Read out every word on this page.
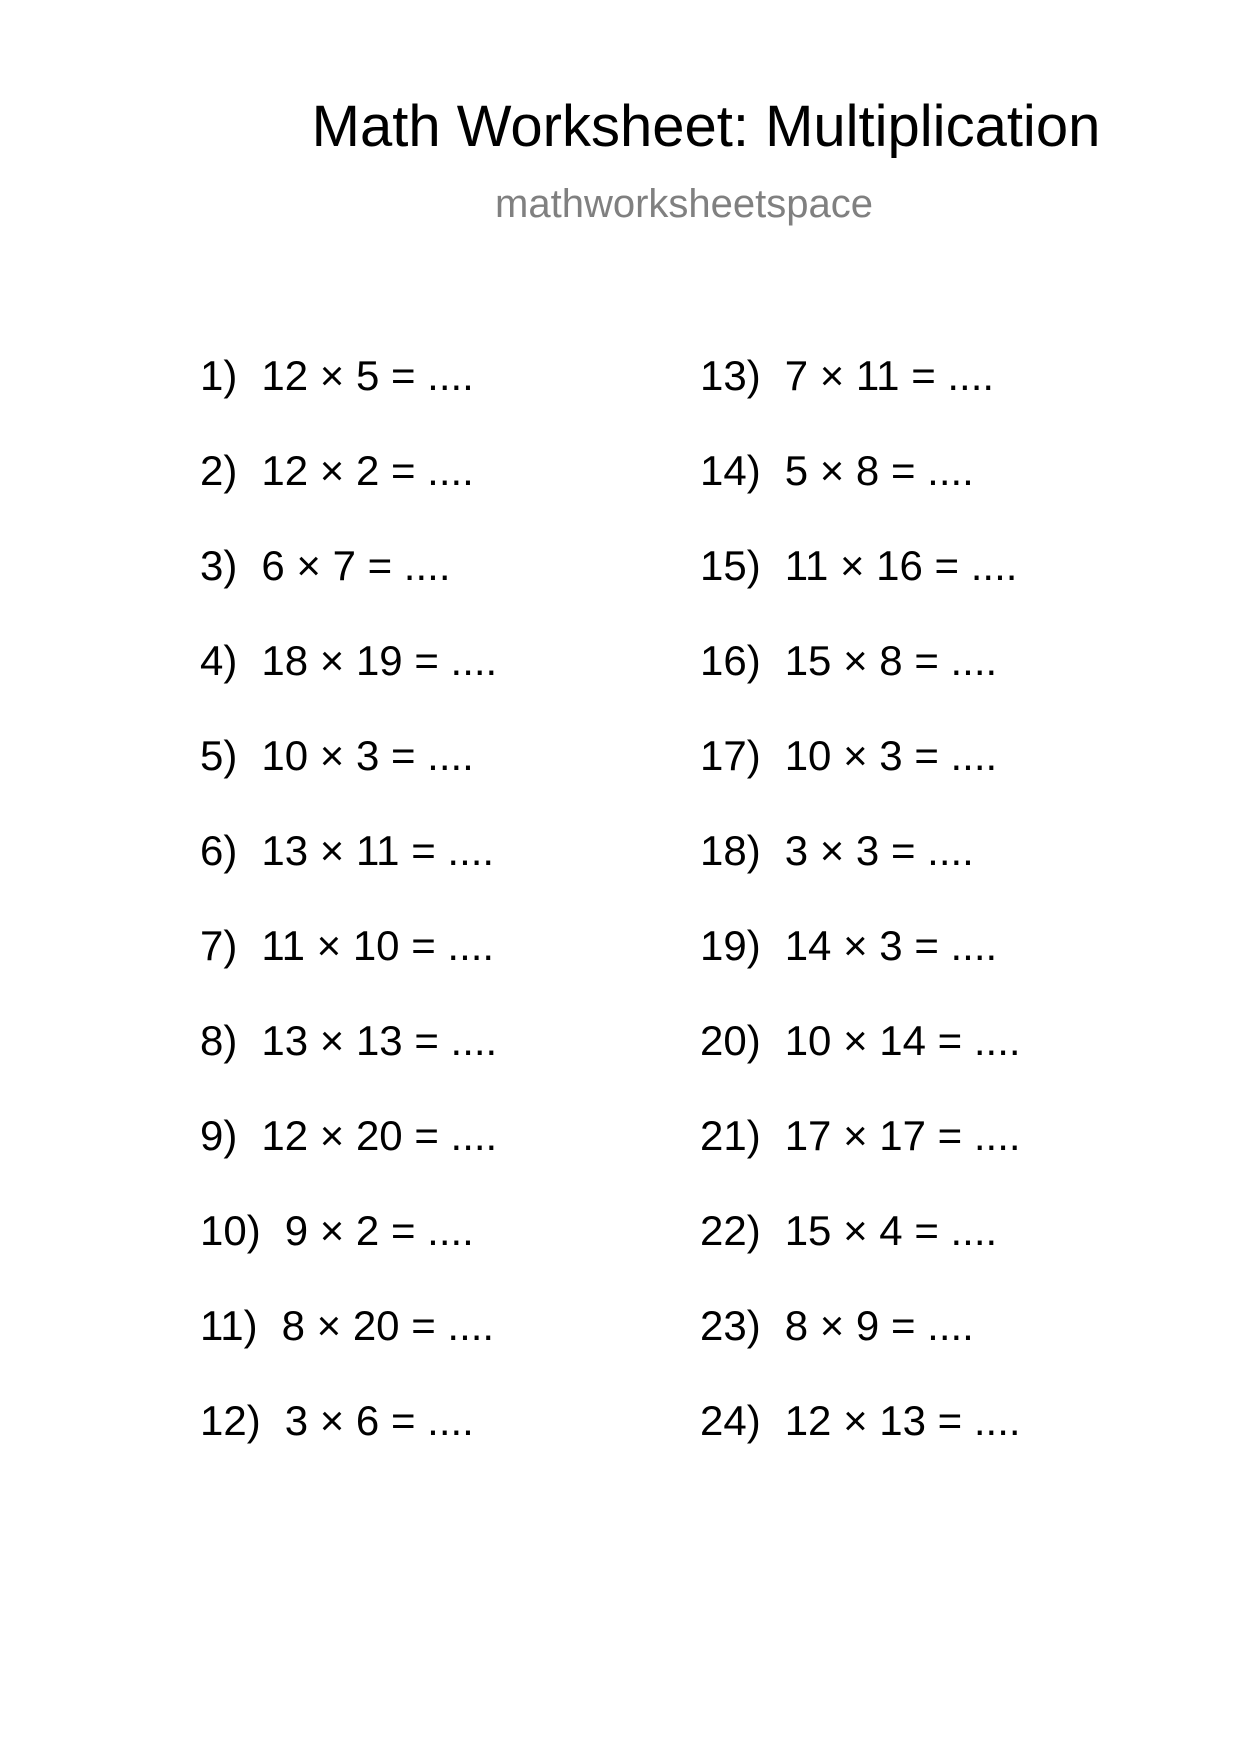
Math Worksheet: Multiplication
mathworksheetspace
1) 12 × 5 = ....
2) 12 × 2 = ....
3) 6 × 7 = ....
4) 18 × 19 = ....
5) 10 × 3 = ....
6) 13 × 11 = ....
7) 11 × 10 = ....
8) 13 × 13 = ....
9) 12 × 20 = ....
10) 9 × 2 = ....
11) 8 × 20 = ....
12) 3 × 6 = ....
13) 7 × 11 = ....
14) 5 × 8 = ....
15) 11 × 16 = ....
16) 15 × 8 = ....
17) 10 × 3 = ....
18) 3 × 3 = ....
19) 14 × 3 = ....
20) 10 × 14 = ....
21) 17 × 17 = ....
22) 15 × 4 = ....
23) 8 × 9 = ....
24) 12 × 13 = ....
